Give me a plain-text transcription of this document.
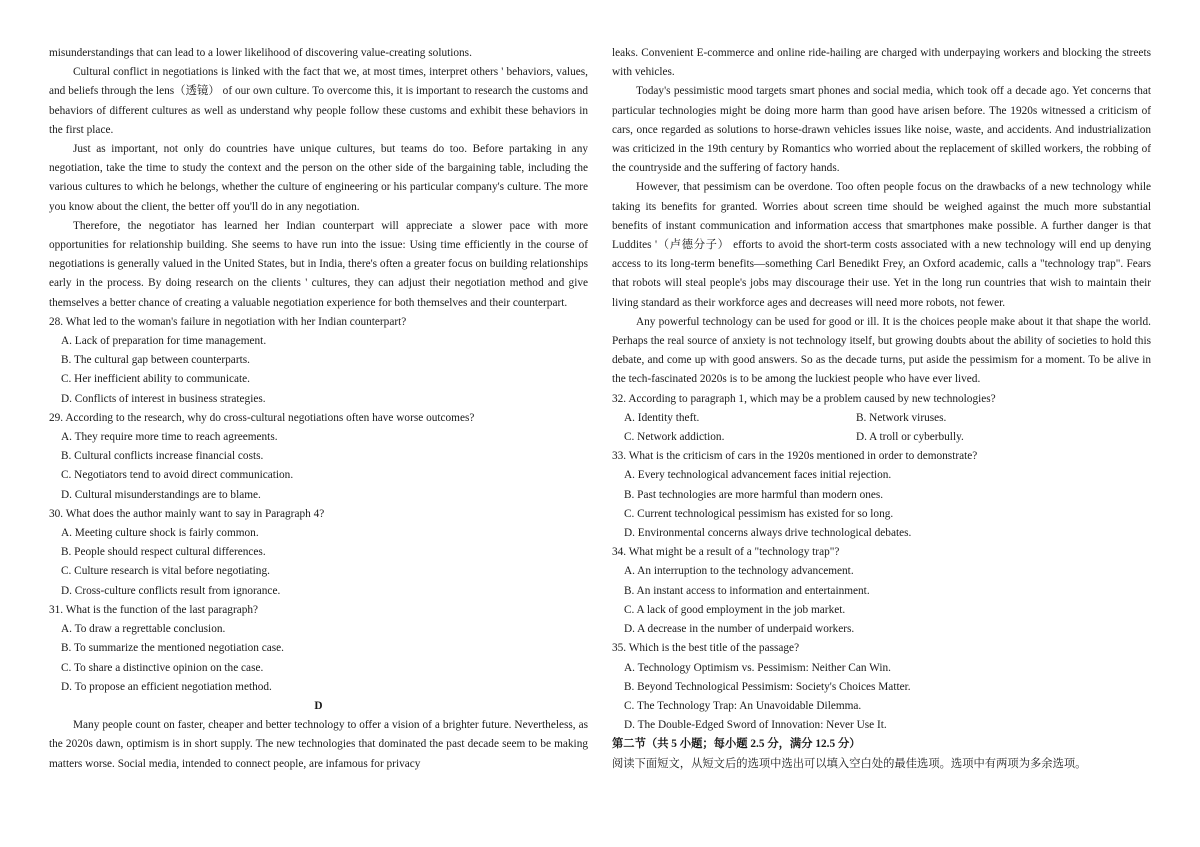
misunderstandings that can lead to a lower likelihood of discovering value-creating solutions.

Cultural conflict in negotiations is linked with the fact that we, at most times, interpret others ' behaviors, values, and beliefs through the lens（透镜） of our own culture. To overcome this, it is important to research the customs and behaviors of different cultures as well as understand why people follow these customs and exhibit these behaviors in the first place.

Just as important, not only do countries have unique cultures, but teams do too. Before partaking in any negotiation, take the time to study the context and the person on the other side of the bargaining table, including the various cultures to which he belongs, whether the culture of engineering or his particular company's culture. The more you know about the client, the better off you'll do in any negotiation.

Therefore, the negotiator has learned her Indian counterpart will appreciate a slower pace with more opportunities for relationship building. She seems to have run into the issue: Using time efficiently in the course of negotiations is generally valued in the United States, but in India, there's often a greater focus on building relationships early in the process. By doing research on the clients ' cultures, they can adjust their negotiation method and give themselves a better chance of creating a valuable negotiation experience for both themselves and their counterpart.

28. What led to the woman's failure in negotiation with her Indian counterpart?

A. Lack of preparation for time management.

B. The cultural gap between counterparts.

C. Her inefficient ability to communicate.

D. Conflicts of interest in business strategies.

29. According to the research, why do cross-cultural negotiations often have worse outcomes?

A. They require more time to reach agreements.

B. Cultural conflicts increase financial costs.

C. Negotiators tend to avoid direct communication.

D. Cultural misunderstandings are to blame.

30. What does the author mainly want to say in Paragraph 4?

A. Meeting culture shock is fairly common.

B. People should respect cultural differences.

C. Culture research is vital before negotiating.

D. Cross-culture conflicts result from ignorance.

31. What is the function of the last paragraph?

A. To draw a regrettable conclusion.

B. To summarize the mentioned negotiation case.

C. To share a distinctive opinion on the case.

D. To propose an efficient negotiation method.

D

Many people count on faster, cheaper and better technology to offer a vision of a brighter future. Nevertheless, as the 2020s dawn, optimism is in short supply. The new technologies that dominated the past decade seem to be making matters worse. Social media, intended to connect people, are infamous for privacy

leaks. Convenient E-commerce and online ride-hailing are charged with underpaying workers and blocking the streets with vehicles.

Today's pessimistic mood targets smart phones and social media, which took off a decade ago. Yet concerns that particular technologies might be doing more harm than good have arisen before. The 1920s witnessed a criticism of cars, once regarded as solutions to horse-drawn vehicles issues like noise, waste, and accidents. And industrialization was criticized in the 19th century by Romantics who worried about the replacement of skilled workers, the robbing of the countryside and the suffering of factory hands.

However, that pessimism can be overdone. Too often people focus on the drawbacks of a new technology while taking its benefits for granted. Worries about screen time should be weighed against the much more substantial benefits of instant communication and information access that smartphones make possible. A further danger is that Luddites '（卢德分子） efforts to avoid the short-term costs associated with a new technology will end up denying access to its long-term benefits—something Carl Benedikt Frey, an Oxford academic, calls a "technology trap". Fears that robots will steal people's jobs may discourage their use. Yet in the long run countries that wish to maintain their living standard as their workforce ages and decreases will need more robots, not fewer.

Any powerful technology can be used for good or ill. It is the choices people make about it that shape the world. Perhaps the real source of anxiety is not technology itself, but growing doubts about the ability of societies to hold this debate, and come up with good answers. So as the decade turns, put aside the pessimism for a moment. To be alive in the tech-fascinated 2020s is to be among the luckiest people who have ever lived.

32. According to paragraph 1, which may be a problem caused by new technologies?

A. Identity theft.	B. Network viruses.

C. Network addiction.	D. A troll or cyberbully.

33. What is the criticism of cars in the 1920s mentioned in order to demonstrate?

A. Every technological advancement faces initial rejection.

B. Past technologies are more harmful than modern ones.

C. Current technological pessimism has existed for so long.

D. Environmental concerns always drive technological debates.

34. What might be a result of a "technology trap"?

A. An interruption to the technology advancement.

B. An instant access to information and entertainment.

C. A lack of good employment in the job market.

D. A decrease in the number of underpaid workers.

35. Which is the best title of the passage?

A. Technology Optimism vs. Pessimism: Neither Can Win.

B. Beyond Technological Pessimism: Society's Choices Matter.

C. The Technology Trap: An Unavoidable Dilemma.

D. The Double-Edged Sword of Innovation: Never Use It.

第二节（共 5 小题；每小题 2.5 分，满分 12.5 分）

阅读下面短文，从短文后的选项中选出可以填入空白处的最佳选项。选项中有两项为多余选项。
